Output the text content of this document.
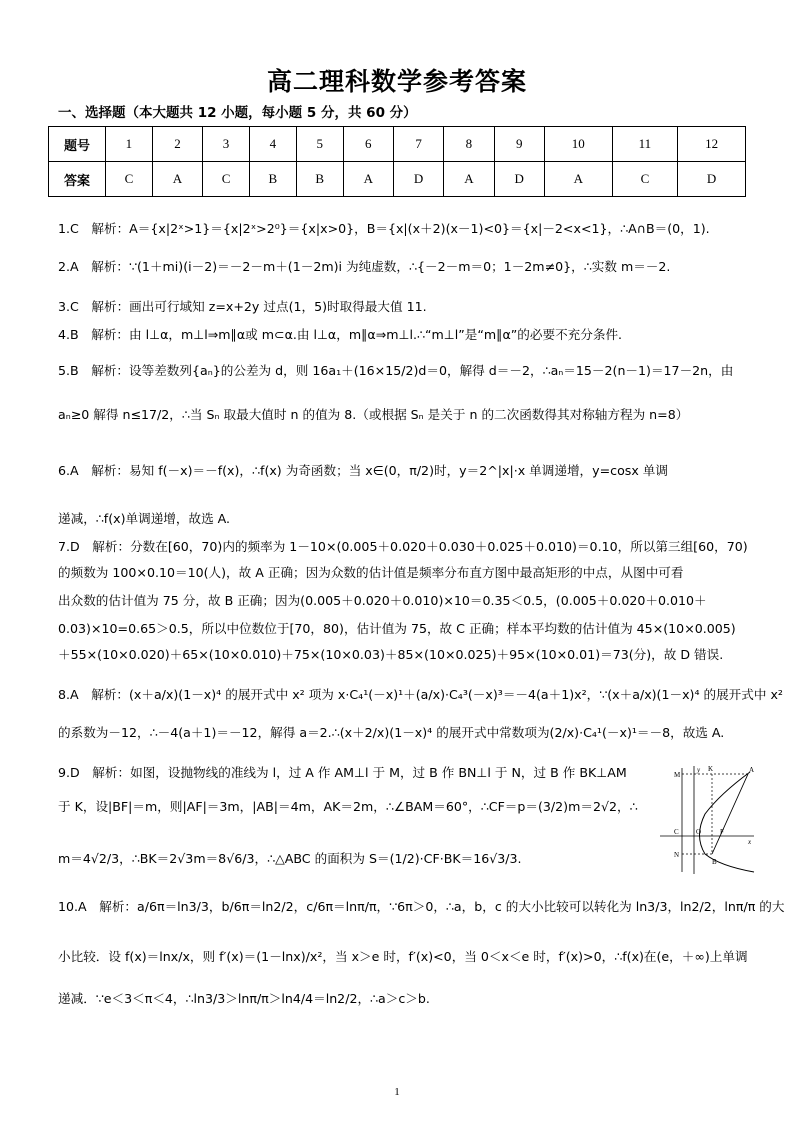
高二理科数学参考答案
一、选择题（本大题共 12 小题，每小题 5 分，共 60 分）
题号	1	2	3	4	5	6	7	8	9	10	11	12
答案	C	A	C	B	B	A	D	A	D	A	C	D
1.C　解析：A＝{x|2ˣ>1}＝{x|2ˣ>2⁰}＝{x|x>0}，B＝{x|(x＋2)(x－1)<0}＝{x|－2<x<1}，∴A∩B＝(0，1).
2.A　解析：∵(1＋mi)(i－2)＝－2－m＋(1－2m)i 为纯虚数，∴{－2－m＝0；1－2m≠0}，∴实数 m＝－2.
3.C　解析：画出可行域知 z=x+2y 过点(1，5)时取得最大值 11.
4.B　解析：由 l⊥α，m⊥l⇒m∥α或 m⊂α.由 l⊥α，m∥α⇒m⊥l.∴“m⊥l”是“m∥α”的必要不充分条件.
5.B　解析：设等差数列{aₙ}的公差为 d，则 16a₁＋(16×15/2)d＝0，解得 d＝－2，∴aₙ＝15－2(n－1)＝17－2n，由
aₙ≥0 解得 n≤17/2，∴当 Sₙ 取最大值时 n 的值为 8.（或根据 Sₙ 是关于 n 的二次函数得其对称轴方程为 n=8）
6.A　解析：易知 f(－x)＝－f(x)，∴f(x) 为奇函数；当 x∈(0，π/2)时，y＝2^|x|·x 单调递增，y=cosx 单调
递减，∴f(x)单调递增，故选 A.
7.D　解析：分数在[60，70)内的频率为 1－10×(0.005＋0.020＋0.030＋0.025＋0.010)＝0.10，所以第三组[60，70)
的频数为 100×0.10＝10(人)，故 A 正确；因为众数的估计值是频率分布直方图中最高矩形的中点，从图中可看
出众数的估计值为 75 分，故 B 正确；因为(0.005＋0.020＋0.010)×10＝0.35＜0.5，(0.005＋0.020＋0.010＋
0.03)×10=0.65＞0.5，所以中位数位于[70，80)，估计值为 75，故 C 正确；样本平均数的估计值为 45×(10×0.005)
＋55×(10×0.020)＋65×(10×0.010)＋75×(10×0.03)＋85×(10×0.025)＋95×(10×0.01)＝73(分)，故 D 错误.
8.A　解析：(x＋a/x)(1－x)⁴ 的展开式中 x² 项为 x·C₄¹(－x)¹＋(a/x)·C₄³(－x)³＝－4(a＋1)x²，∵(x＋a/x)(1－x)⁴ 的展开式中 x²
的系数为－12，∴－4(a＋1)＝－12，解得 a＝2.∴(x＋2/x)(1－x)⁴ 的展开式中常数项为(2/x)·C₄¹(－x)¹＝－8，故选 A.
9.D　解析：如图，设抛物线的准线为 l，过 A 作 AM⊥l 于 M，过 B 作 BN⊥l 于 N，过 B 作 BK⊥AM
于 K，设|BF|＝m，则|AF|＝3m，|AB|＝4m，AK＝2m，∴∠BAM＝60°，∴CF＝p＝(3/2)m＝2√2，∴
m＝4√2/3，∴BK＝2√3m＝8√6/3，∴△ABC 的面积为 S＝(1/2)·CF·BK＝16√3/3.
10.A　解析：a/6π＝ln3/3，b/6π＝ln2/2，c/6π＝lnπ/π，∵6π＞0，∴a，b，c 的大小比较可以转化为 ln3/3，ln2/2，lnπ/π 的大
小比较．设 f(x)＝lnx/x，则 f′(x)＝(1－lnx)/x²，当 x＞e 时，f′(x)<0，当 0＜x＜e 时，f′(x)>0，∴f(x)在(e，＋∞)上单调
递减．∵e＜3＜π＜4，∴ln3/3＞lnπ/π＞ln4/4＝ln2/2，∴a＞c＞b.
M
K	A
C O	F
N
B
x
y
1
